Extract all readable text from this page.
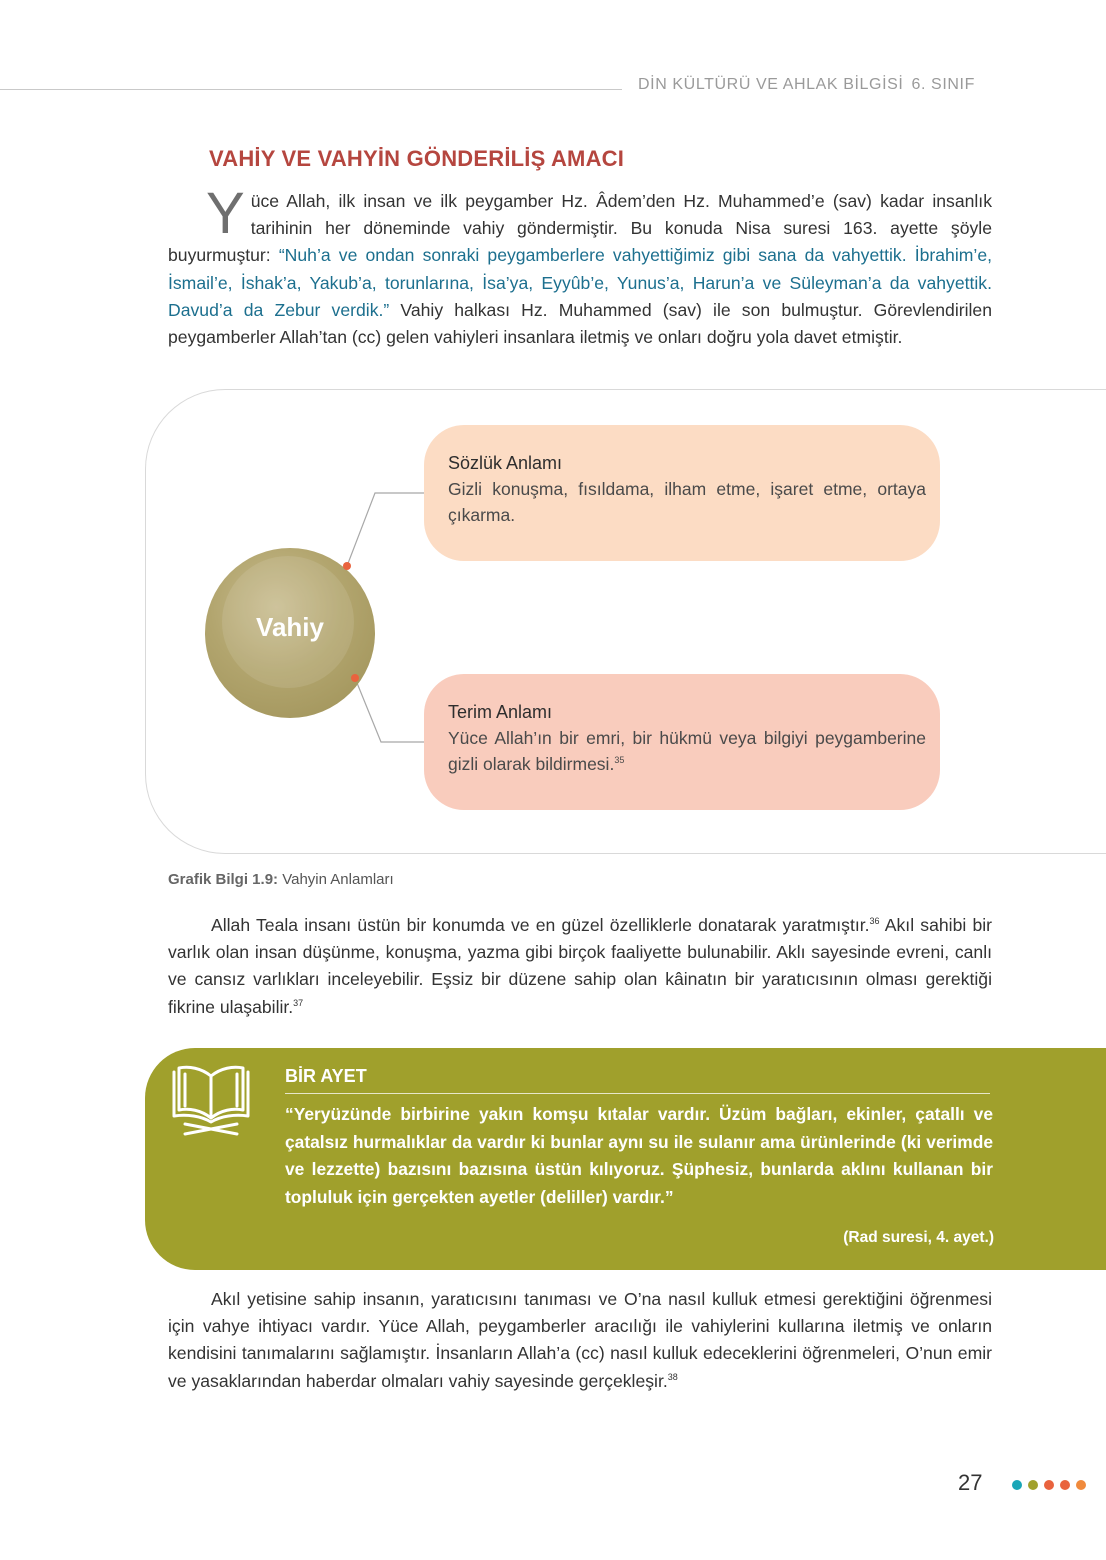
DİN KÜLTÜRÜ VE AHLAK BİLGİSİ 6. SINIF
VAHİY VE VAHYİN GÖNDERİLİŞ AMACI
Yüce Allah, ilk insan ve ilk peygamber Hz. Âdem’den Hz. Muhammed’e (sav) kadar insanlık tarihinin her döneminde vahiy göndermiştir. Bu konuda Nisa suresi 163. ayette şöyle buyurmuştur: “Nuh’a ve ondan sonraki peygamberlere vahyettiğimiz gibi sana da vahyettik. İbrahim’e, İsmail’e, İshak’a, Yakub’a, torunlarına, İsa’ya, Eyyûb’e, Yunus’a, Harun’a ve Süleyman’a da vahyettik. Davud’a da Zebur verdik.” Vahiy halkası Hz. Muhammed (sav) ile son bulmuştur. Görevlendirilen peygamberler Allah’tan (cc) gelen vahiyleri insanlara iletmiş ve onları doğru yola davet etmiştir.
Vahiy
Sözlük Anlamı
Gizli konuşma, fısıldama, ilham etme, işaret etme, ortaya çıkarma.
Terim Anlamı
Yüce Allah’ın bir emri, bir hükmü veya bilgiyi peygamberine gizli olarak bildirmesi.$^{35}$
Grafik Bilgi 1.9: Vahyin Anlamları
Allah Teala insanı üstün bir konumda ve en güzel özelliklerle donatarak yaratmıştır.$^{36}$ Akıl sahibi bir varlık olan insan düşünme, konuşma, yazma gibi birçok faaliyette bulunabilir. Aklı sayesinde evreni, canlı ve cansız varlıkları inceleyebilir. Eşsiz bir düzene sahip olan kâinatın bir yaratıcısının olması gerektiği fikrine ulaşabilir.$^{37}$
BİR AYET
“Yeryüzünde birbirine yakın komşu kıtalar vardır. Üzüm bağları, ekinler, çatallı ve çatalsız hurmalıklar da vardır ki bunlar aynı su ile sulanır ama ürünlerinde (ki verimde ve lezzette) bazısını bazısına üstün kılıyoruz. Şüphesiz, bunlarda aklını kullanan bir topluluk için gerçekten ayetler (deliller) vardır.”
(Rad suresi, 4. ayet.)
Akıl yetisine sahip insanın, yaratıcısını tanıması ve O’na nasıl kulluk etmesi gerektiğini öğrenmesi için vahye ihtiyacı vardır. Yüce Allah, peygamberler aracılığı ile vahiylerini kullarına iletmiş ve onların kendisini tanımalarını sağlamıştır. İnsanların Allah’a (cc) nasıl kulluk edeceklerini öğrenmeleri, O’nun emir ve yasaklarından haberdar olmaları vahiy sayesinde gerçekleşir.$^{38}$
27
